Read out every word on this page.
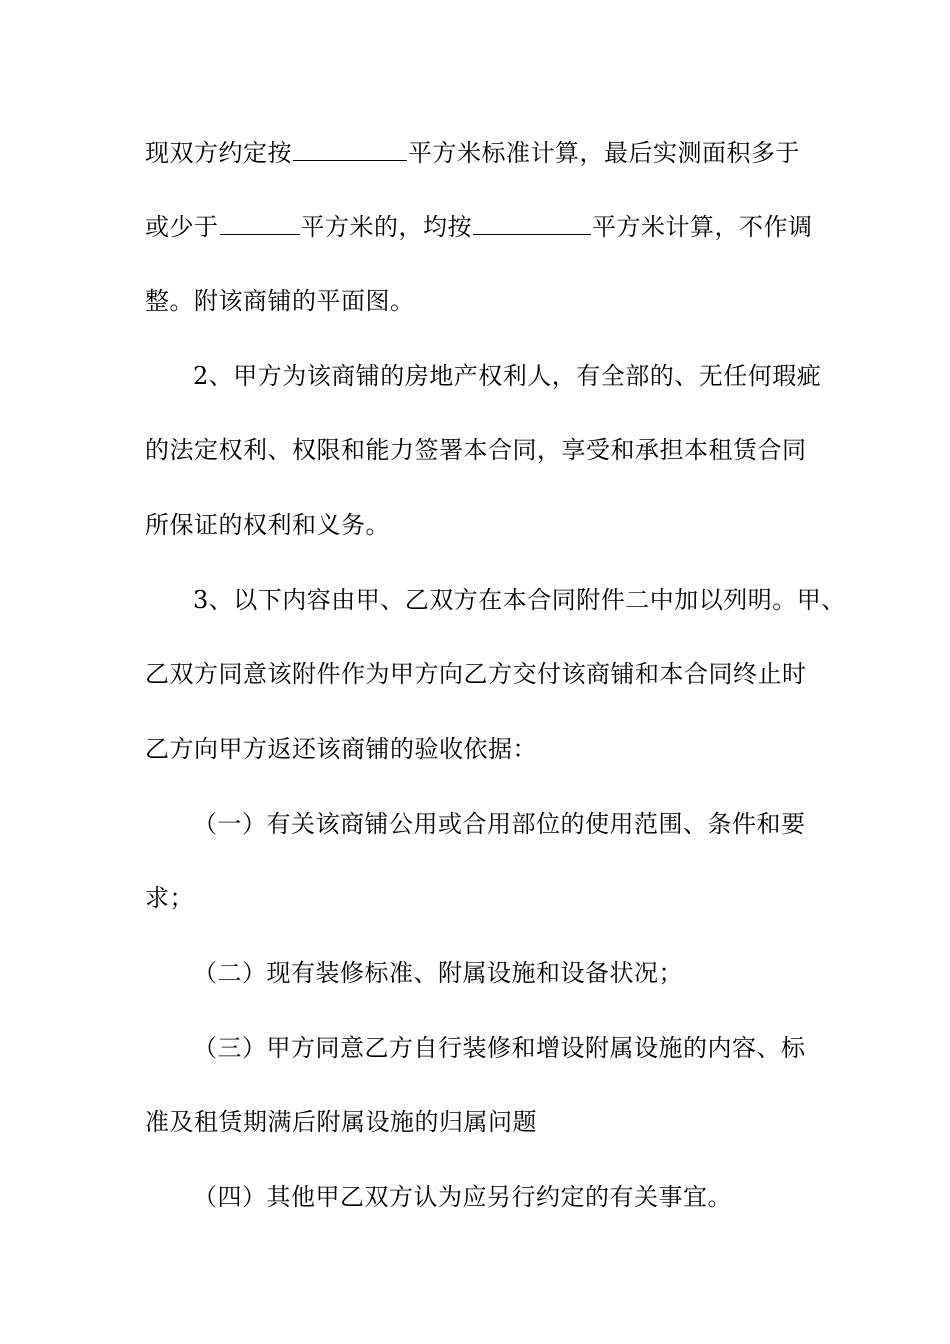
现双方约定按	平方米标准计算，最后实测面积多于
或少于	平方米的，均按	平方米计算，不作调
整。附该商铺的平面图。
2、甲方为该商铺的房地产权利人，有全部的、无任何瑕疵
的法定权利、权限和能力签署本合同，享受和承担本租赁合同
所保证的权利和义务。
3、以下内容由甲、乙双方在本合同附件二中加以列明。甲、
乙双方同意该附件作为甲方向乙方交付该商铺和本合同终止时
乙方向甲方返还该商铺的验收依据：
（一）有关该商铺公用或合用部位的使用范围、条件和要
求；
（二）现有装修标准、附属设施和设备状况；
（三）甲方同意乙方自行装修和增设附属设施的内容、标
准及租赁期满后附属设施的归属问题
（四）其他甲乙双方认为应另行约定的有关事宜。
